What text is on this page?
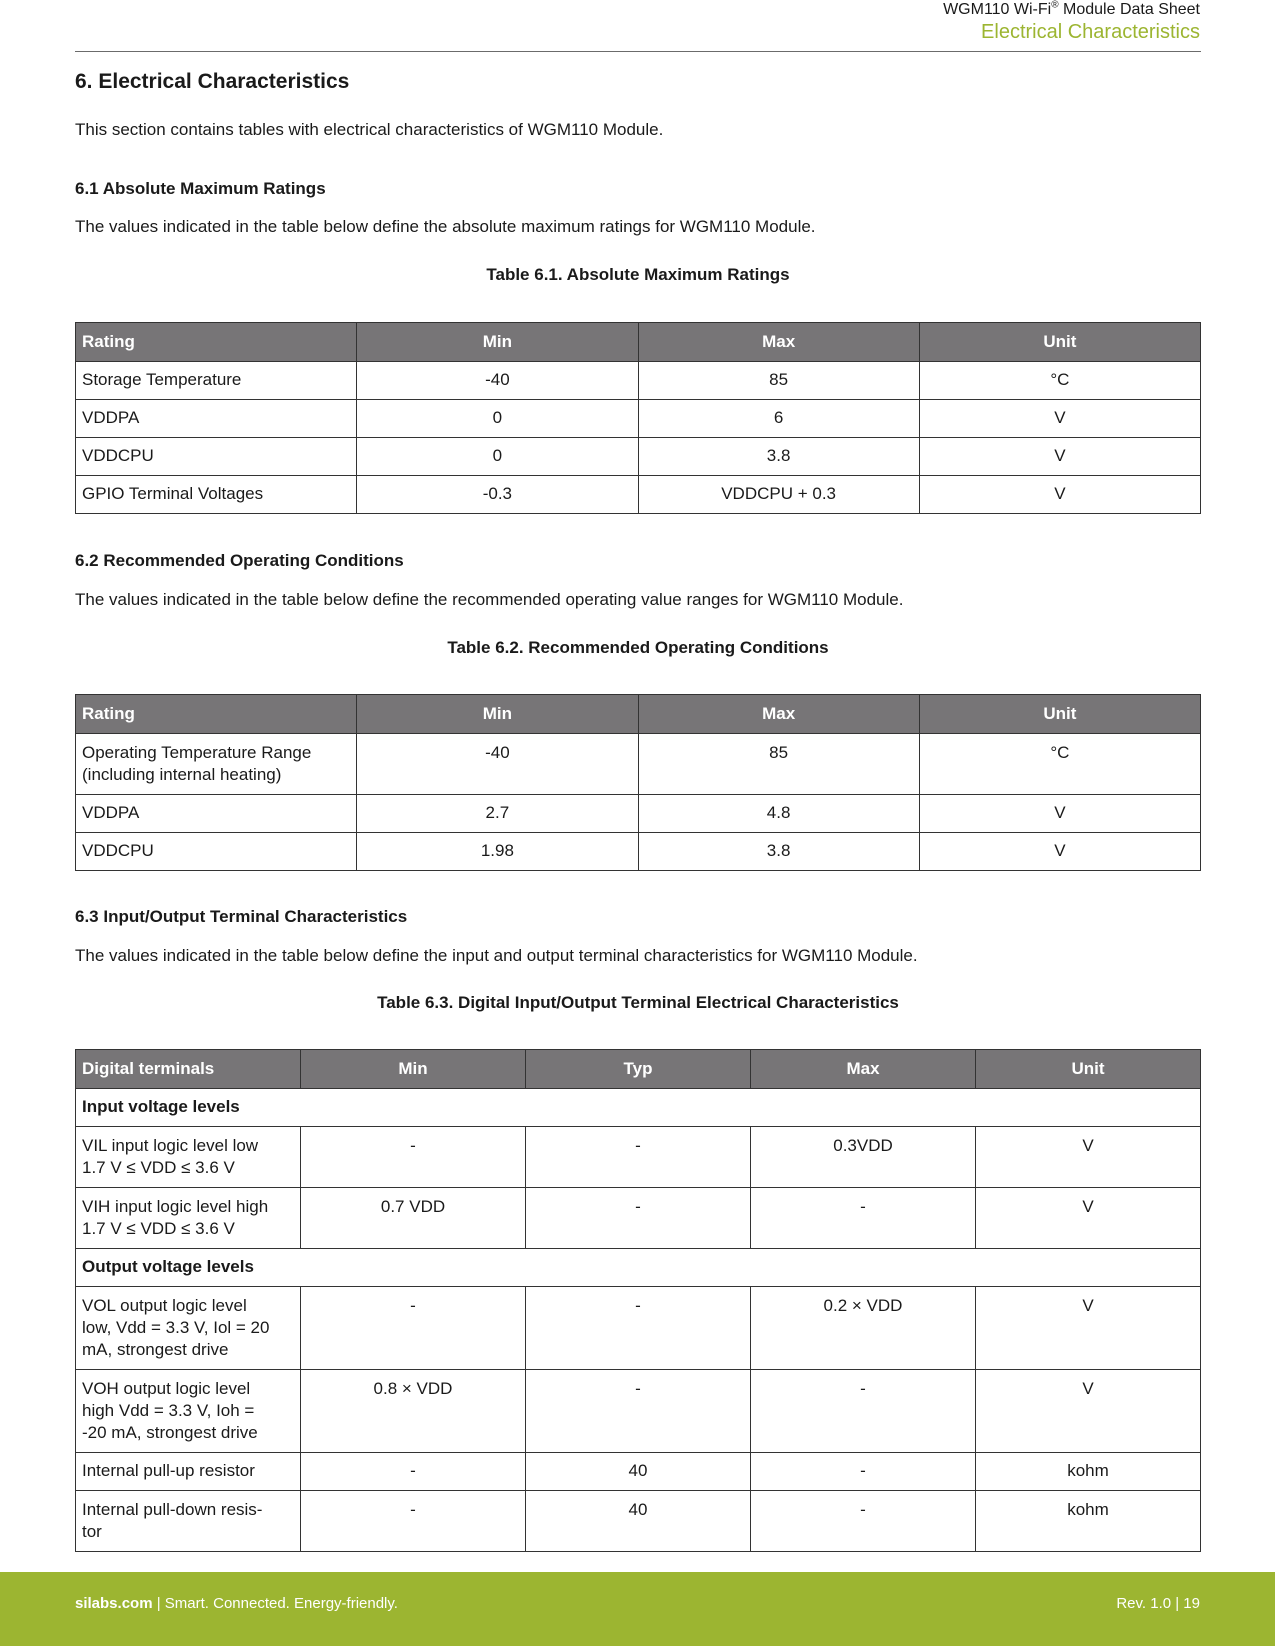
WGM110 Wi-Fi® Module Data Sheet
Electrical Characteristics
6. Electrical Characteristics
This section contains tables with electrical characteristics of WGM110 Module.
6.1 Absolute Maximum Ratings
The values indicated in the table below define the absolute maximum ratings for WGM110 Module.
Table 6.1. Absolute Maximum Ratings
Rating	Min	Max	Unit
Storage Temperature	-40	85	°C
VDDPA	0	6	V
VDDCPU	0	3.8	V
GPIO Terminal Voltages	-0.3	VDDCPU + 0.3	V
6.2 Recommended Operating Conditions
The values indicated in the table below define the recommended operating value ranges for WGM110 Module.
Table 6.2. Recommended Operating Conditions
Rating	Min	Max	Unit
Operating Temperature Range
(including internal heating)	-40	85	°C
VDDPA	2.7	4.8	V
VDDCPU	1.98	3.8	V
6.3 Input/Output Terminal Characteristics
The values indicated in the table below define the input and output terminal characteristics for WGM110 Module.
Table 6.3. Digital Input/Output Terminal Electrical Characteristics
Digital terminals	Min	Typ	Max	Unit
Input voltage levels				
VIL input logic level low
1.7 V ≤ VDD ≤ 3.6 V	-	-	0.3VDD	V
VIH input logic level high
1.7 V ≤ VDD ≤ 3.6 V	0.7 VDD	-	-	V
Output voltage levels				
VOL output logic level
low, Vdd = 3.3 V, Iol = 20
mA, strongest drive	-	-	0.2 × VDD	V
VOH output logic level
high Vdd = 3.3 V, Ioh =
-20 mA, strongest drive	0.8 × VDD	-	-	V
Internal pull-up resistor	-	40	-	kohm
Internal pull-down resis-
tor	-	40	-	kohm
silabs.com | Smart. Connected. Energy-friendly.	Rev. 1.0 | 19
